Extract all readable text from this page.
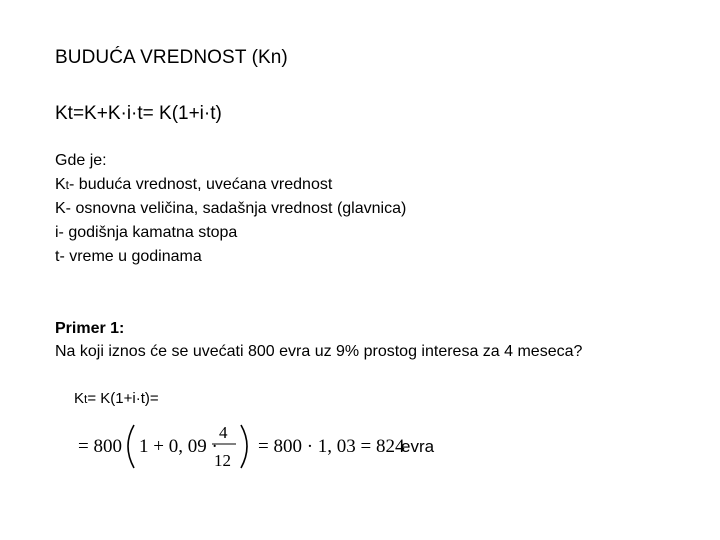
BUDUĆA VREDNOST (Kn)
Kt=K+K·i·t= K(1+i·t)
Gde je:
Kt- buduća vrednost, uvećana vrednost
K- osnovna veličina, sadašnja vrednost (glavnica)
i- godišnja kamatna stopa
t- vreme u godinama
Primer 1:
Na koji iznos će se uvećati 800 evra uz 9% prostog interesa za 4 meseca?
Kt= K(1+i·t)=
= 800 1 + 0, 09 ·
4
12
= 800 · 1, 03 = 824
evra
